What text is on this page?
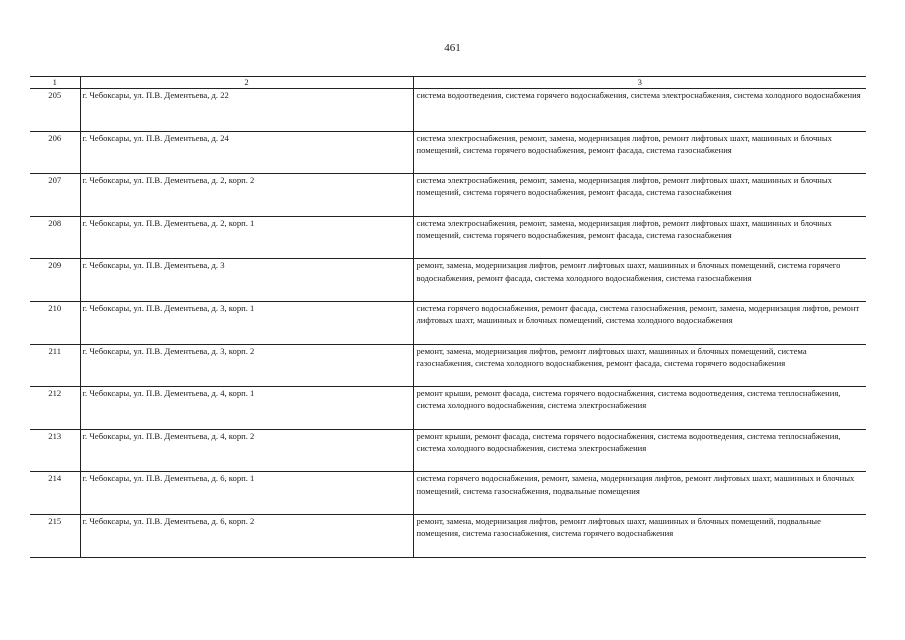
461
1	2	3
205	г. Чебоксары, ул. П.В. Дементьева, д. 22	система водоотведения, система горячего водоснабжения, система электроснабжения, система холодного водоснабжения
206	г. Чебоксары, ул. П.В. Дементьева, д. 24	система электроснабжения, ремонт, замена, модернизация лифтов, ремонт лифтовых шахт, машинных и блочных помещений, система горячего водоснабжения, ремонт фасада, система газоснабжения
207	г. Чебоксары, ул. П.В. Дементьева, д. 2, корп. 2	система электроснабжения, ремонт, замена, модернизация лифтов, ремонт лифтовых шахт, машинных и блочных помещений, система горячего водоснабжения, ремонт фасада, система газоснабжения
208	г. Чебоксары, ул. П.В. Дементьева, д. 2, корп. 1	система электроснабжения, ремонт, замена, модернизация лифтов, ремонт лифтовых шахт, машинных и блочных помещений, система горячего водоснабжения, ремонт фасада, система газоснабжения
209	г. Чебоксары, ул. П.В. Дементьева, д. 3	ремонт, замена, модернизация лифтов, ремонт лифтовых шахт, машинных и блочных помещений, система горячего водоснабжения, ремонт фасада, система холодного водоснабжения, система газоснабжения
210	г. Чебоксары, ул. П.В. Дементьева, д. 3, корп. 1	система горячего водоснабжения, ремонт фасада, система газоснабжения, ремонт, замена, модернизация лифтов, ремонт лифтовых шахт, машинных и блочных помещений, система холодного водоснабжения
211	г. Чебоксары, ул. П.В. Дементьева, д. 3, корп. 2	ремонт, замена, модернизация лифтов, ремонт лифтовых шахт, машинных и блочных помещений, система газоснабжения, система холодного водоснабжения, ремонт фасада, система горячего водоснабжения
212	г. Чебоксары, ул. П.В. Дементьева, д. 4, корп. 1	ремонт крыши, ремонт фасада, система горячего водоснабжения, система водоотведения, система теплоснабжения, система холодного водоснабжения, система электроснабжения
213	г. Чебоксары, ул. П.В. Дементьева, д. 4, корп. 2	ремонт крыши, ремонт фасада, система горячего водоснабжения, система водоотведения, система теплоснабжения, система холодного водоснабжения, система электроснабжения
214	г. Чебоксары, ул. П.В. Дементьева, д. 6, корп. 1	система горячего водоснабжения, ремонт, замена, модернизация лифтов, ремонт лифтовых шахт, машинных и блочных помещений, система газоснабжения, подвальные помещения
215	г. Чебоксары, ул. П.В. Дементьева, д. 6, корп. 2	ремонт, замена, модернизация лифтов, ремонт лифтовых шахт, машинных и блочных помещений, подвальные помещения, система газоснабжения, система горячего водоснабжения
